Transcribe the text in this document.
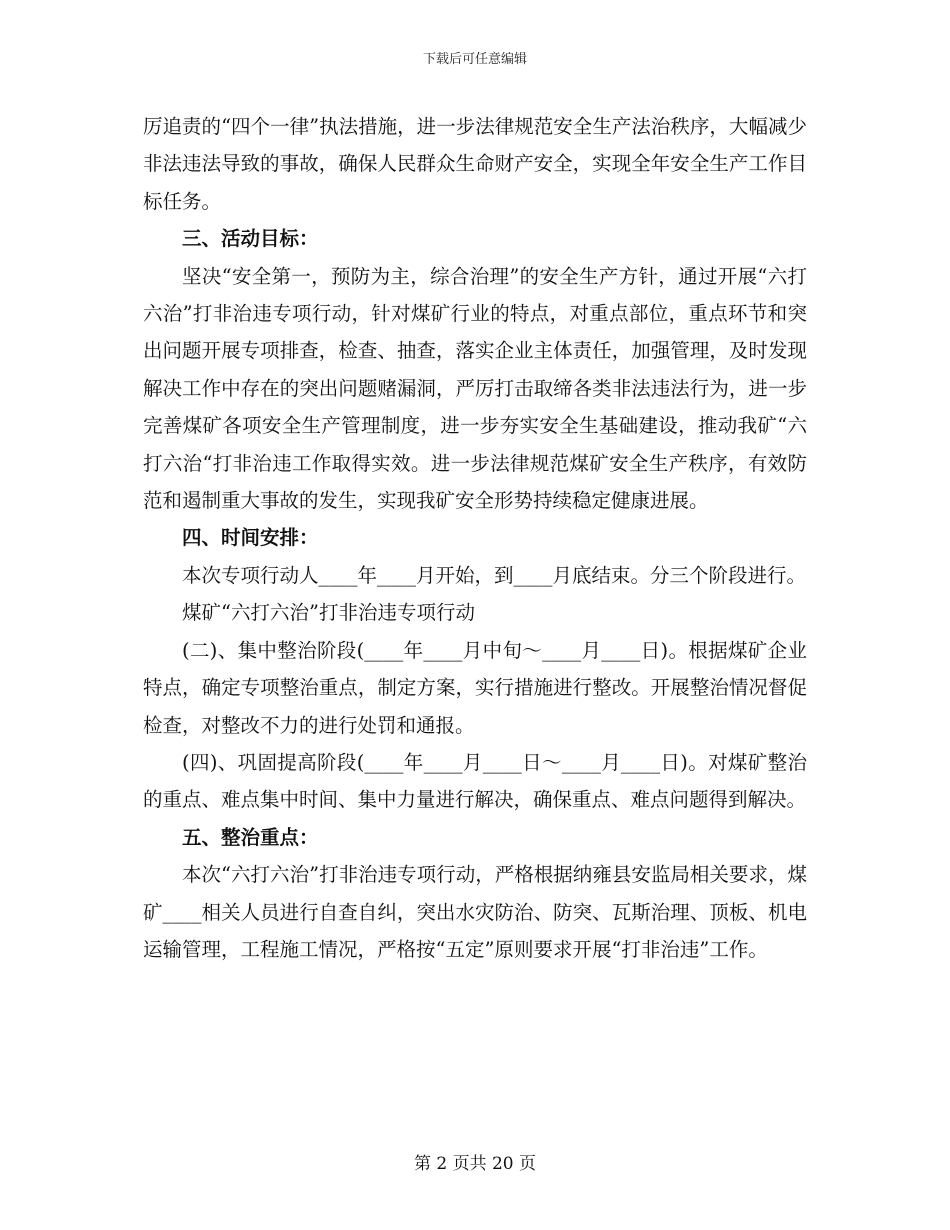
下载后可任意编辑

厉追责的“四个一律”执法措施，进一步法律规范安全生产法治秩序，大幅减少非法违法导致的事故，确保人民群众生命财产安全，实现全年安全生产工作目标任务。

三、活动目标：

坚决“安全第一，预防为主，综合治理”的安全生产方针，通过开展“六打六治”打非治违专项行动，针对煤矿行业的特点，对重点部位，重点环节和突出问题开展专项排查，检查、抽查，落实企业主体责任，加强管理，及时发现解决工作中存在的突出问题赌漏洞，严厉打击取缔各类非法违法行为，进一步完善煤矿各项安全生产管理制度，进一步夯实安全生基础建设，推动我矿“六打六治“打非治违工作取得实效。进一步法律规范煤矿安全生产秩序，有效防范和遏制重大事故的发生，实现我矿安全形势持续稳定健康进展。

四、时间安排：

本次专项行动人____年____月开始，到____月底结束。分三个阶段进行。

煤矿“六打六治”打非治违专项行动

(二)、集中整治阶段(____年____月中旬～____月____日)。根据煤矿企业特点，确定专项整治重点，制定方案，实行措施进行整改。开展整治情况督促检查，对整改不力的进行处罚和通报。

(四)、巩固提高阶段(____年____月____日～____月____日)。对煤矿整治的重点、难点集中时间、集中力量进行解决，确保重点、难点问题得到解决。

五、整治重点：

本次“六打六治”打非治违专项行动，严格根据纳雍县安监局相关要求，煤矿____相关人员进行自查自纠，突出水灾防治、防突、瓦斯治理、顶板、机电运输管理，工程施工情况，严格按“五定”原则要求开展“打非治违”工作。

第 2 页共 20 页
